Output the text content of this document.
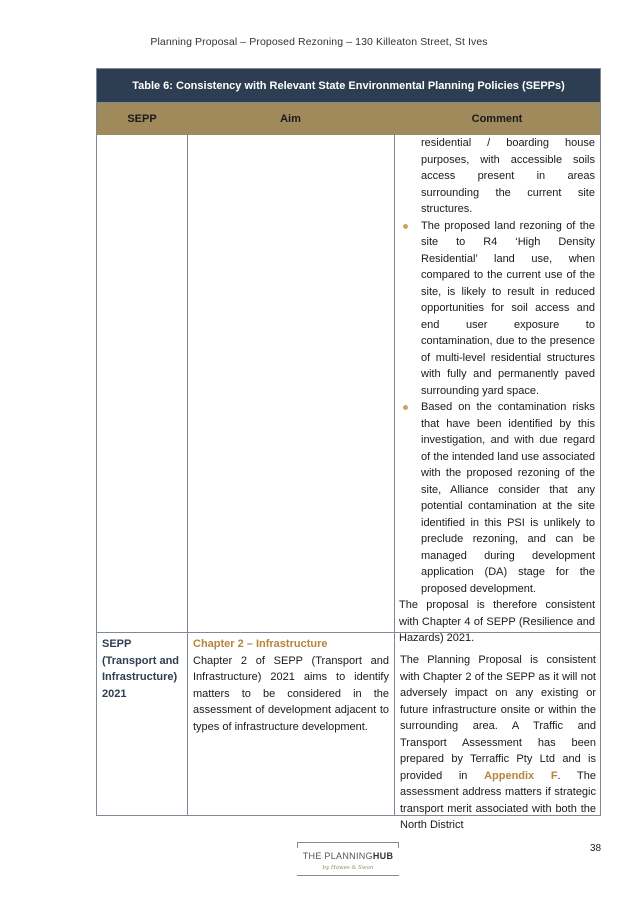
Planning Proposal – Proposed Rezoning – 130 Killeaton Street, St Ives
Table 6: Consistency with Relevant State Environmental Planning Policies (SEPPs)
SEPP	Aim	Comment
residential / boarding house purposes, with accessible soils access present in areas surrounding the current site structures.
The proposed land rezoning of the site to R4 ‘High Density Residential’ land use, when compared to the current use of the site, is likely to result in reduced opportunities for soil access and end user exposure to contamination, due to the presence of multi-level residential structures with fully and permanently paved surrounding yard space.
Based on the contamination risks that have been identified by this investigation, and with due regard of the intended land use associated with the proposed rezoning of the site, Alliance consider that any potential contamination at the site identified in this PSI is unlikely to preclude rezoning, and can be managed during development application (DA) stage for the proposed development.
The proposal is therefore consistent with Chapter 4 of SEPP (Resilience and Hazards) 2021.
SEPP (Transport and Infrastructure) 2021
Chapter 2 – Infrastructure
Chapter 2 of SEPP (Transport and Infrastructure) 2021 aims to identify matters to be considered in the assessment of development adjacent to types of infrastructure development.
The Planning Proposal is consistent with Chapter 2 of the SEPP as it will not adversely impact on any existing or future infrastructure onsite or within the surrounding area. A Traffic and Transport Assessment has been prepared by Terraffic Pty Ltd and is provided in Appendix F. The assessment address matters if strategic transport merit associated with both the North District
THE PLANNINGHUB
by Hawes & Swan
38
